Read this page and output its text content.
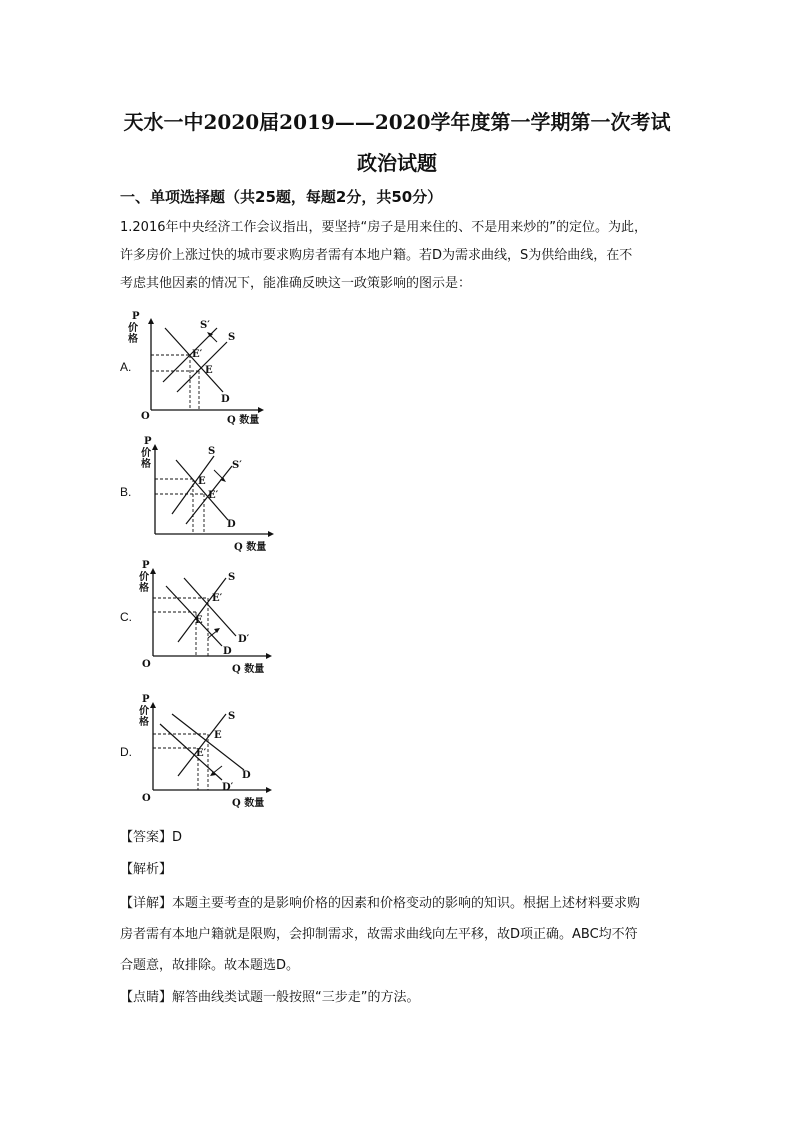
天水一中2020届2019——2020学年度第一学期第一次考试
政治试题
一、单项选择题（共25题，每题2分，共50分）
1.2016年中央经济工作会议指出，要坚持“房子是用来住的、不是用来炒的”的定位。为此，
许多房价上涨过快的城市要求购房者需有本地户籍。若D为需求曲线，S为供给曲线，在不
考虑其他因素的情况下，能准确反映这一政策影响的图示是：
A.
P
价
格
O	Q 数量
S′
S
D
E′
E
B.
P
价
格
Q 数量
S
S′
D
E
E′
C.
P
价
格
O	Q 数量
S
D′
D
E′
E
D.
P
价
格
O	Q 数量
S
D
D′
E
E′
【答案】D
【解析】
【详解】本题主要考查的是影响价格的因素和价格变动的影响的知识。根据上述材料要求购
房者需有本地户籍就是限购，会抑制需求，故需求曲线向左平移，故D项正确。ABC均不符
合题意，故排除。故本题选D。
【点睛】解答曲线类试题一般按照“三步走”的方法。
